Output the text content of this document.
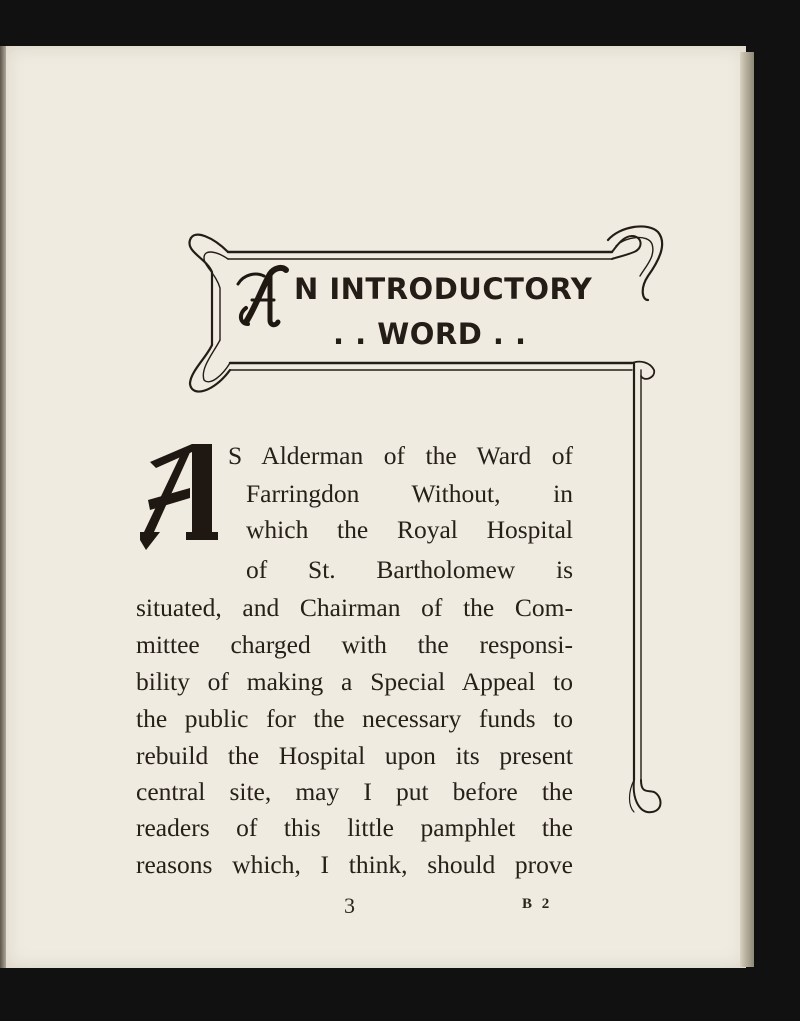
N INTRODUCTORY
. . WORD . .
S Alderman of the Ward of
Farringdon Without, in
which the Royal Hospital
of St. Bartholomew is
situated, and Chairman of the Com-
mittee charged with the responsi-
bility of making a Special Appeal to
the public for the necessary funds to
rebuild the Hospital upon its present
central site, may I put before the
readers of this little pamphlet the
reasons which, I think, should prove
3	B 2
